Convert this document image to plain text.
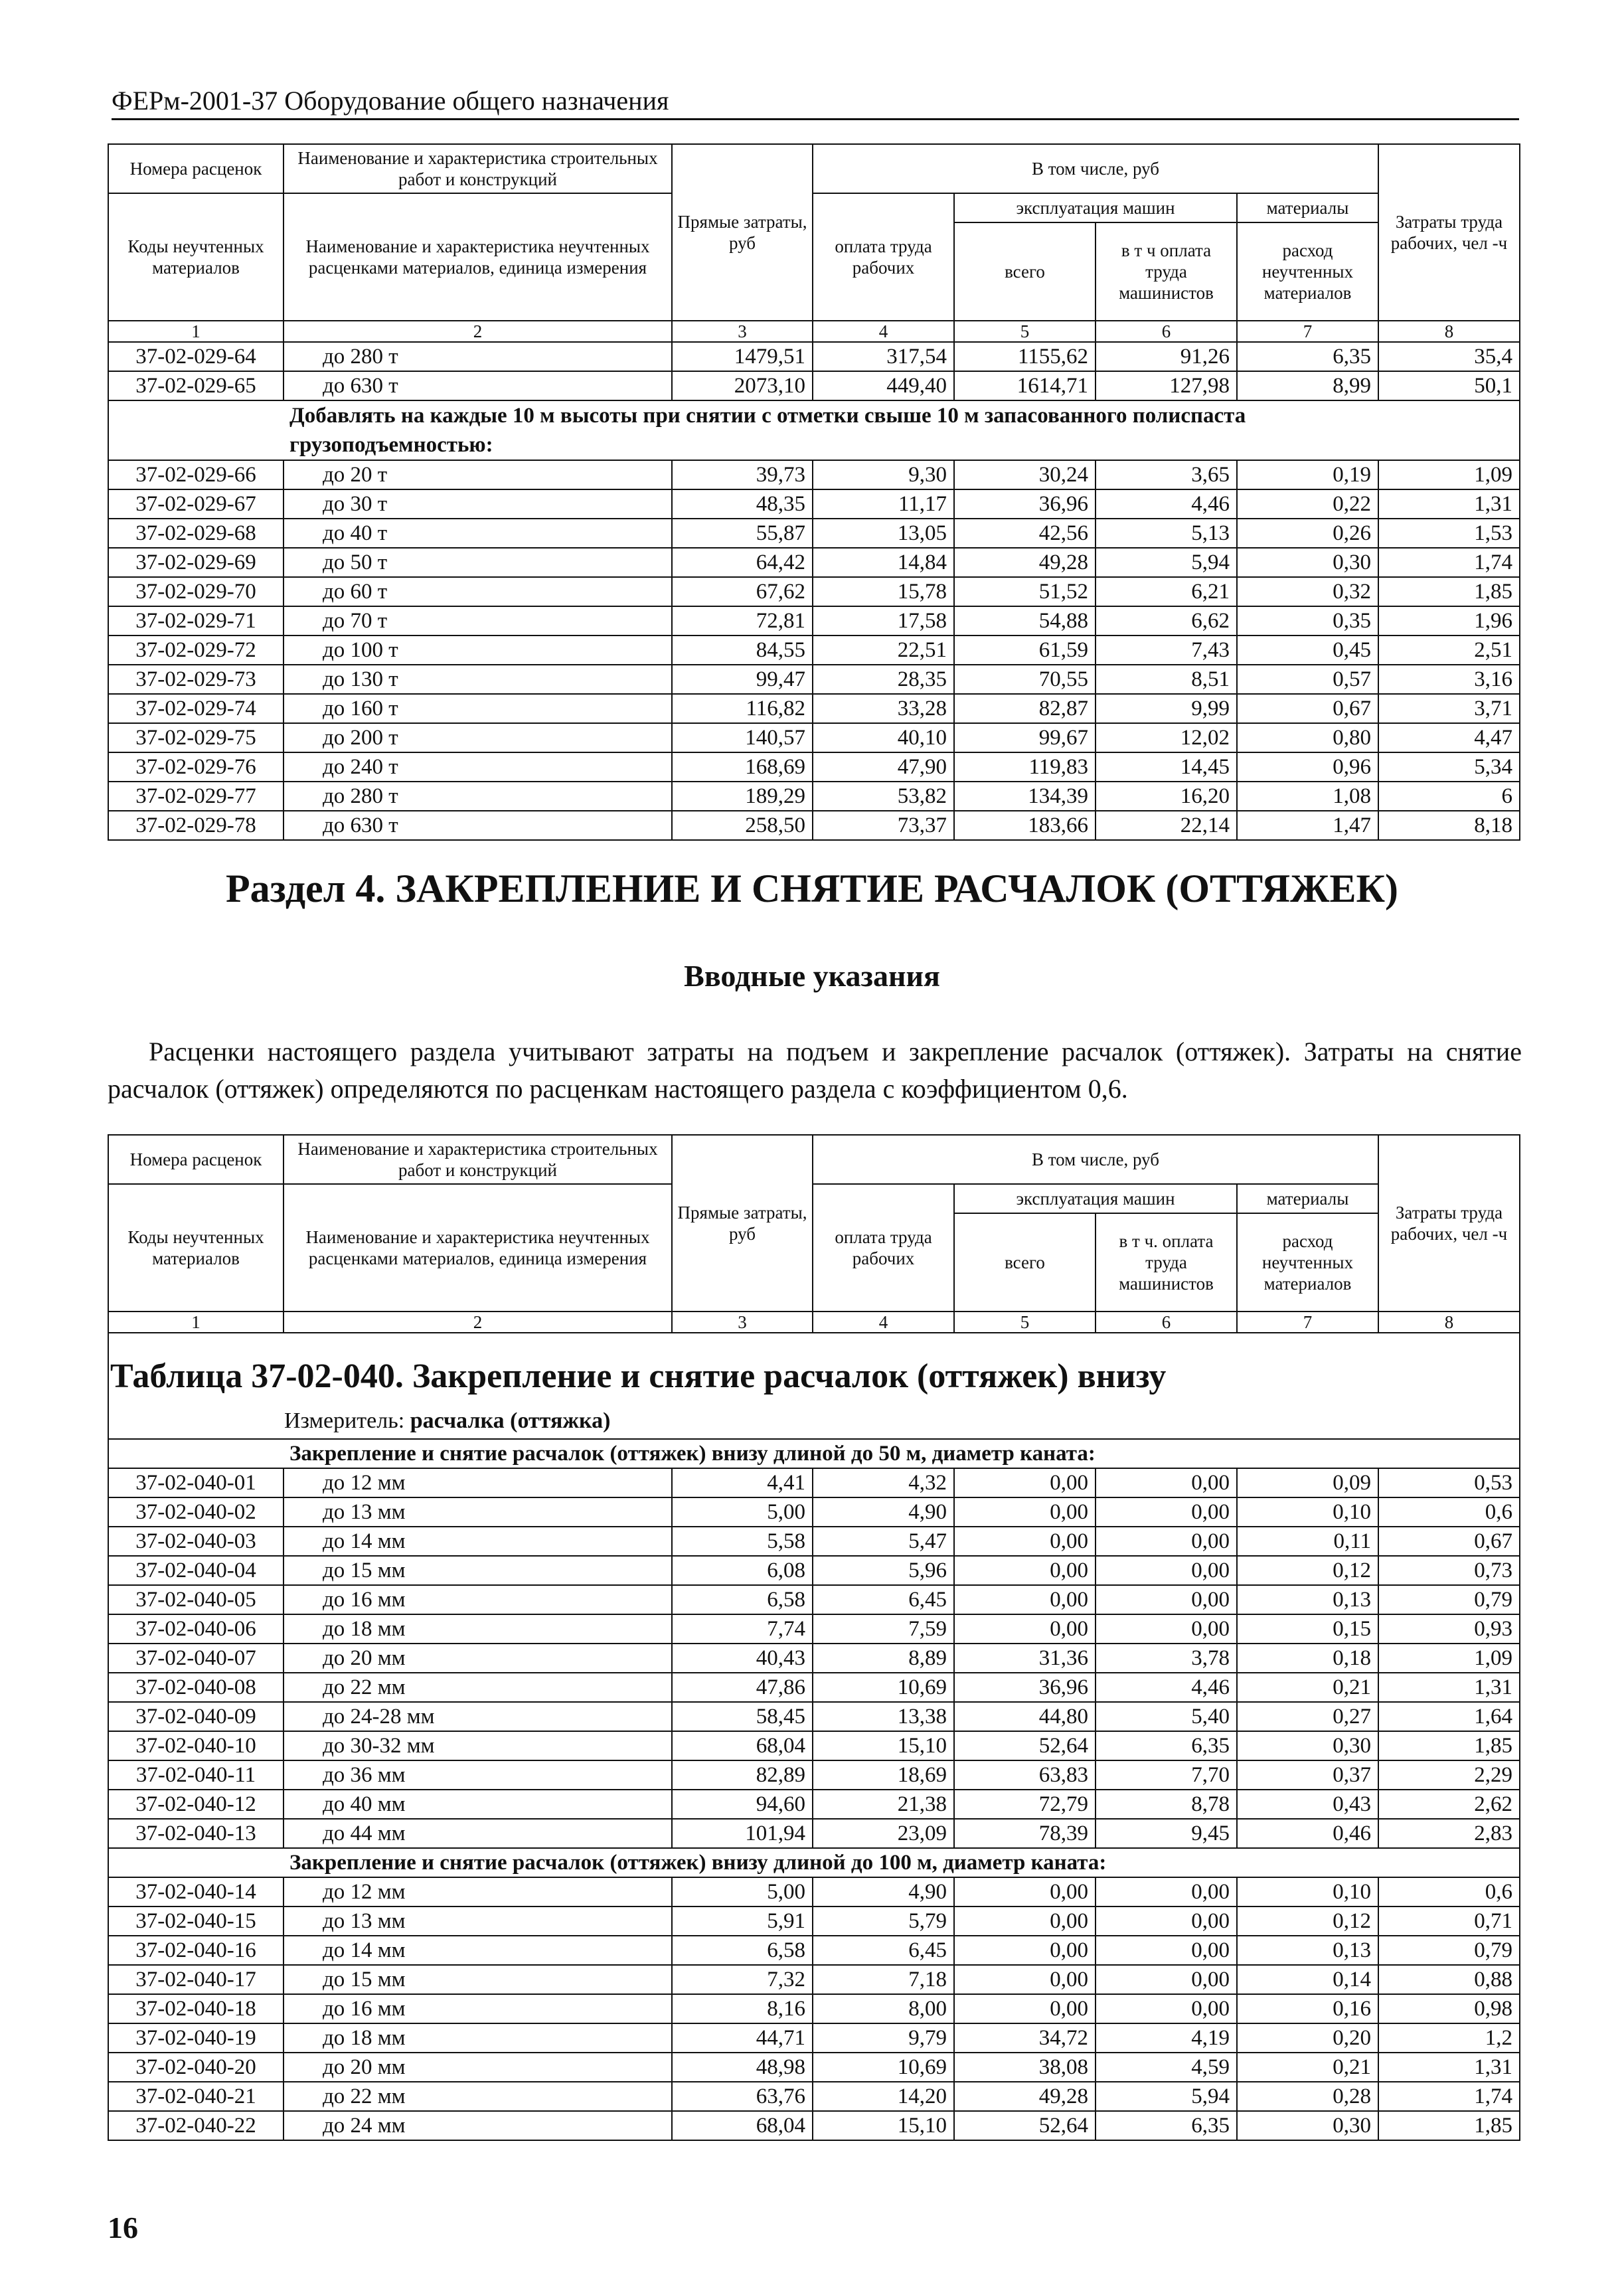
ФЕРм-2001-37 Оборудование общего назначения
Номера расценок	Наименование и характеристика строительных работ и конструкций	Прямые затраты, руб	В том числе, руб				Затраты труда рабочих, чел -ч
Коды неучтенных материалов	Наименование и характеристика неучтенных расценками материалов, единица измерения		оплата труда рабочих	эксплуатация машин		материалы	
				всего	в т ч оплата труда машинистов	расход неучтенных материалов	
1	2	3	4	5	6	7	8
37-02-029-64	до 280 т	1479,51	317,54	1155,62	91,26	6,35	35,4
37-02-029-65	до 630 т	2073,10	449,40	1614,71	127,98	8,99	50,1
Добавлять на каждые 10 м высоты при снятии с отметки свыше 10 м запасованного полиспаста грузоподъемностью:							
37-02-029-66	до 20 т	39,73	9,30	30,24	3,65	0,19	1,09
37-02-029-67	до 30 т	48,35	11,17	36,96	4,46	0,22	1,31
37-02-029-68	до 40 т	55,87	13,05	42,56	5,13	0,26	1,53
37-02-029-69	до 50 т	64,42	14,84	49,28	5,94	0,30	1,74
37-02-029-70	до 60 т	67,62	15,78	51,52	6,21	0,32	1,85
37-02-029-71	до 70 т	72,81	17,58	54,88	6,62	0,35	1,96
37-02-029-72	до 100 т	84,55	22,51	61,59	7,43	0,45	2,51
37-02-029-73	до 130 т	99,47	28,35	70,55	8,51	0,57	3,16
37-02-029-74	до 160 т	116,82	33,28	82,87	9,99	0,67	3,71
37-02-029-75	до 200 т	140,57	40,10	99,67	12,02	0,80	4,47
37-02-029-76	до 240 т	168,69	47,90	119,83	14,45	0,96	5,34
37-02-029-77	до 280 т	189,29	53,82	134,39	16,20	1,08	6
37-02-029-78	до 630 т	258,50	73,37	183,66	22,14	1,47	8,18
Раздел 4. ЗАКРЕПЛЕНИЕ И СНЯТИЕ РАСЧАЛОК (ОТТЯЖЕК)
Вводные указания
Расценки настоящего раздела учитывают затраты на подъем и закрепление расчалок (оттяжек). Затраты на снятие расчалок (оттяжек) определяются по расценкам настоящего раздела с коэффициентом 0,6.
Номера расценок	Наименование и характеристика строительных работ и конструкций	Прямые затраты, руб	В том числе, руб				Затраты труда рабочих, чел -ч
Коды неучтенных материалов	Наименование и характеристика неучтенных расценками материалов, единица измерения		оплата труда рабочих	эксплуатация машин		материалы	
				всего	в т ч. оплата труда машинистов	расход неучтенных материалов	
1	2	3	4	5	6	7	8

Таблица 37-02-040. Закрепление и снятие расчалок (оттяжек) внизу
Измеритель: расчалка (оттяжка)							

Закрепление и снятие расчалок (оттяжек) внизу длиной до 50 м, диаметр каната:							
37-02-040-01	до 12 мм	4,41	4,32	0,00	0,00	0,09	0,53
37-02-040-02	до 13 мм	5,00	4,90	0,00	0,00	0,10	0,6
37-02-040-03	до 14 мм	5,58	5,47	0,00	0,00	0,11	0,67
37-02-040-04	до 15 мм	6,08	5,96	0,00	0,00	0,12	0,73
37-02-040-05	до 16 мм	6,58	6,45	0,00	0,00	0,13	0,79
37-02-040-06	до 18 мм	7,74	7,59	0,00	0,00	0,15	0,93
37-02-040-07	до 20 мм	40,43	8,89	31,36	3,78	0,18	1,09
37-02-040-08	до 22 мм	47,86	10,69	36,96	4,46	0,21	1,31
37-02-040-09	до 24-28 мм	58,45	13,38	44,80	5,40	0,27	1,64
37-02-040-10	до 30-32 мм	68,04	15,10	52,64	6,35	0,30	1,85
37-02-040-11	до 36 мм	82,89	18,69	63,83	7,70	0,37	2,29
37-02-040-12	до 40 мм	94,60	21,38	72,79	8,78	0,43	2,62
37-02-040-13	до 44 мм	101,94	23,09	78,39	9,45	0,46	2,83
Закрепление и снятие расчалок (оттяжек) внизу длиной до 100 м, диаметр каната:							
37-02-040-14	до 12 мм	5,00	4,90	0,00	0,00	0,10	0,6
37-02-040-15	до 13 мм	5,91	5,79	0,00	0,00	0,12	0,71
37-02-040-16	до 14 мм	6,58	6,45	0,00	0,00	0,13	0,79
37-02-040-17	до 15 мм	7,32	7,18	0,00	0,00	0,14	0,88
37-02-040-18	до 16 мм	8,16	8,00	0,00	0,00	0,16	0,98
37-02-040-19	до 18 мм	44,71	9,79	34,72	4,19	0,20	1,2
37-02-040-20	до 20 мм	48,98	10,69	38,08	4,59	0,21	1,31
37-02-040-21	до 22 мм	63,76	14,20	49,28	5,94	0,28	1,74
37-02-040-22	до 24 мм	68,04	15,10	52,64	6,35	0,30	1,85
16
